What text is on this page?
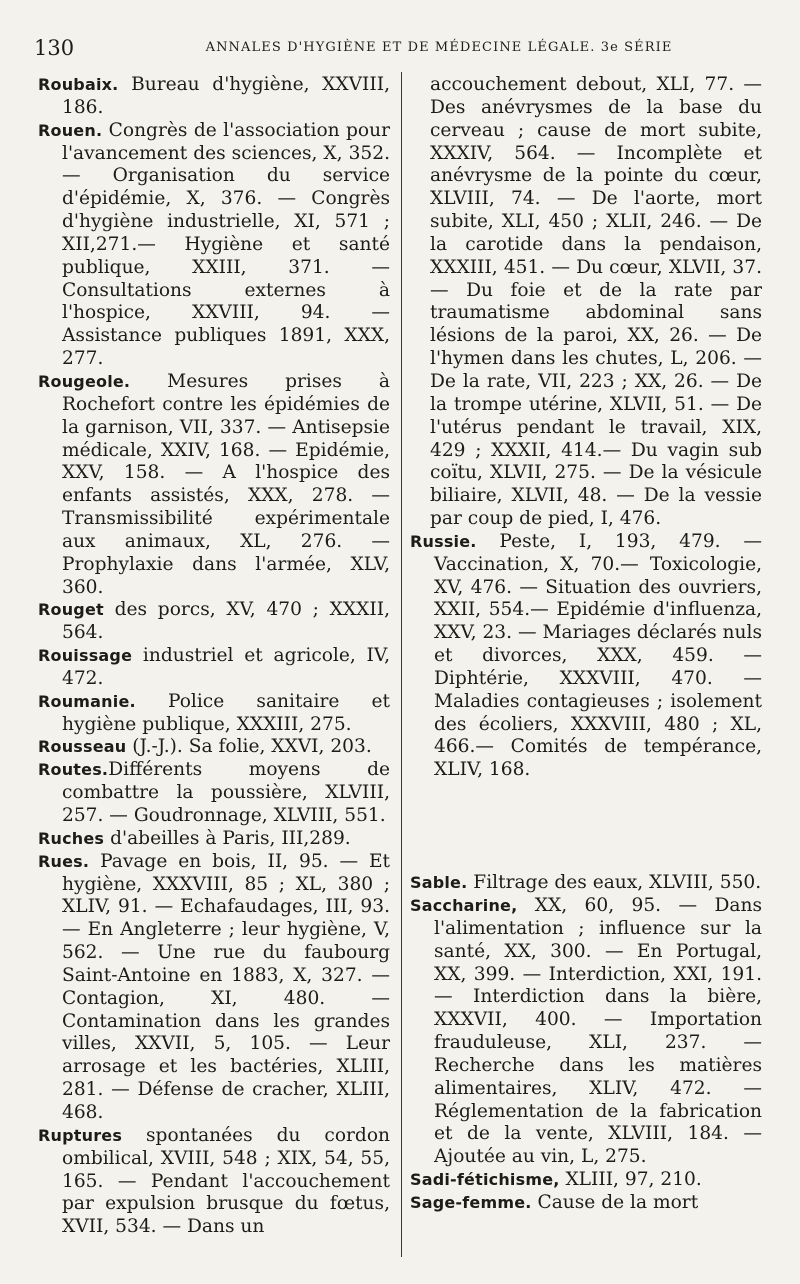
130	ANNALES D'HYGIÈNE ET DE MÉDECINE LÉGALE. 3e SÉRIE

Roubaix. Bureau d'hygiène, XXVIII, 186.

Rouen. Congrès de l'association pour l'avancement des sciences, X, 352. — Organisation du service d'épidémie, X, 376. — Congrès d'hygiène industrielle, XI, 571 ; XII,271.— Hygiène et santé publique, XXIII, 371. — Consultations externes à l'hospice, XXVIII, 94. — Assistance publiques 1891, XXX, 277.

Rougeole. Mesures prises à Rochefort contre les épidémies de la garnison, VII, 337. — Antisepsie médicale, XXIV, 168. — Epidémie, XXV, 158. — A l'hospice des enfants assistés, XXX, 278. — Transmissibilité expérimentale aux animaux, XL, 276. — Prophylaxie dans l'armée, XLV, 360.

Rouget des porcs, XV, 470 ; XXXII, 564.

Rouissage industriel et agricole, IV, 472.

Roumanie. Police sanitaire et hygiène publique, XXXIII, 275.

Rousseau (J.-J.). Sa folie, XXVI, 203.

Routes.Différents moyens de combattre la poussière, XLVIII, 257. — Goudronnage, XLVIII, 551.

Ruches d'abeilles à Paris, III,289.

Rues. Pavage en bois, II, 95. — Et hygiène, XXXVIII, 85 ; XL, 380 ; XLIV, 91. — Echafaudages, III, 93. — En Angleterre ; leur hygiène, V, 562. — Une rue du faubourg Saint-Antoine en 1883, X, 327. — Contagion, XI, 480. — Contamination dans les grandes villes, XXVII, 5, 105. — Leur arrosage et les bactéries, XLIII, 281. — Défense de cracher, XLIII, 468.

Ruptures spontanées du cordon ombilical, XVIII, 548 ; XIX, 54, 55, 165. — Pendant l'accouchement par expulsion brusque du fœtus, XVII, 534. — Dans un

accouchement debout, XLI, 77. — Des anévrysmes de la base du cerveau ; cause de mort subite, XXXIV, 564. — Incomplète et anévrysme de la pointe du cœur, XLVIII, 74. — De l'aorte, mort subite, XLI, 450 ; XLII, 246. — De la carotide dans la pendaison, XXXIII, 451. — Du cœur, XLVII, 37. — Du foie et de la rate par traumatisme abdominal sans lésions de la paroi, XX, 26. — De l'hymen dans les chutes, L, 206. — De la rate, VII, 223 ; XX, 26. — De la trompe utérine, XLVII, 51. — De l'utérus pendant le travail, XIX, 429 ; XXXII, 414.— Du vagin sub coïtu, XLVII, 275. — De la vésicule biliaire, XLVII, 48. — De la vessie par coup de pied, I, 476.

Russie. Peste, I, 193, 479. — Vaccination, X, 70.— Toxicologie, XV, 476. — Situation des ouvriers, XXII, 554.— Epidémie d'influenza, XXV, 23. — Mariages déclarés nuls et divorces, XXX, 459. — Diphtérie, XXXVIII, 470. — Maladies contagieuses ; isolement des écoliers, XXXVIII, 480 ; XL, 466.— Comités de tempérance, XLIV, 168.

Sable. Filtrage des eaux, XLVIII, 550.

Saccharine, XX, 60, 95. — Dans l'alimentation ; influence sur la santé, XX, 300. — En Portugal, XX, 399. — Interdiction, XXI, 191. — Interdiction dans la bière, XXXVII, 400. — Importation frauduleuse, XLI, 237. — Recherche dans les matières alimentaires, XLIV, 472. — Réglementation de la fabrication et de la vente, XLVIII, 184. — Ajoutée au vin, L, 275.

Sadi-fétichisme, XLIII, 97, 210.

Sage-femme. Cause de la mort
